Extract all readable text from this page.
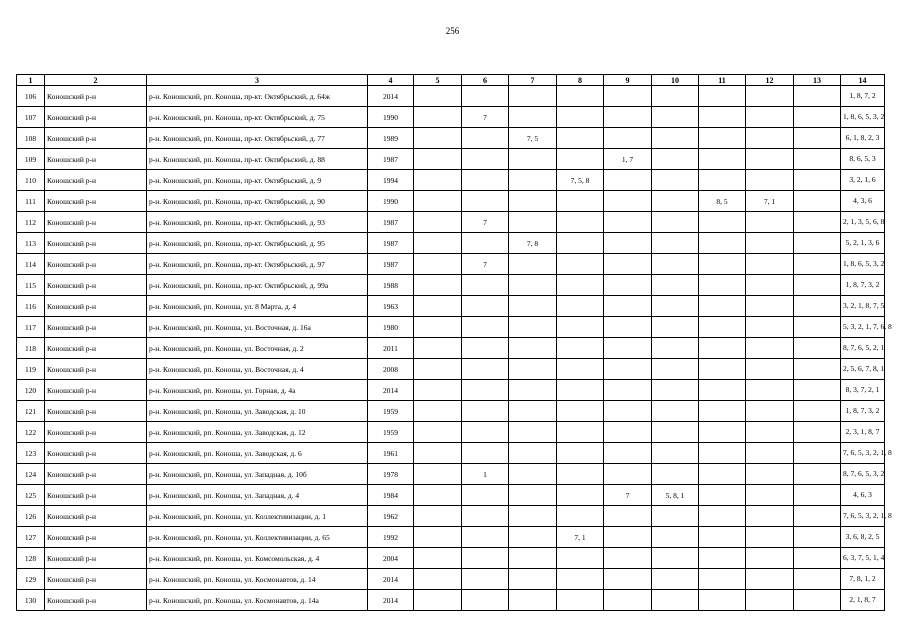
256
1	2	3	4	5	6	7	8	9	10	11	12	13	14
106	Коношский р-н	р-н. Коношский, рп. Коноша, пр-кт. Октябрьский, д. 64ж	2014										1, 8, 7, 2
107	Коношский р-н	р-н. Коношский, рп. Коноша, пр-кт. Октябрьский, д. 75	1990		7								1, 8, 6, 5, 3, 2
108	Коношский р-н	р-н. Коношский, рп. Коноша, пр-кт. Октябрьский, д. 77	1989			7, 5							6, 1, 8, 2, 3
109	Коношский р-н	р-н. Коношский, рп. Коноша, пр-кт. Октябрьский, д. 88	1987					1, 7					8, 6, 5, 3
110	Коношский р-н	р-н. Коношский, рп. Коноша, пр-кт. Октябрьский, д. 9	1994				7, 5, 8						3, 2, 1, 6
111	Коношский р-н	р-н. Коношский, рп. Коноша, пр-кт. Октябрьский, д. 90	1990							8, 5	7, 1		4, 3, 6
112	Коношский р-н	р-н. Коношский, рп. Коноша, пр-кт. Октябрьский, д. 93	1987		7								2, 1, 3, 5, 6, 8
113	Коношский р-н	р-н. Коношский, рп. Коноша, пр-кт. Октябрьский, д. 95	1987			7, 8							5, 2, 1, 3, 6
114	Коношский р-н	р-н. Коношский, рп. Коноша, пр-кт. Октябрьский, д. 97	1987		7								1, 8, 6, 5, 3, 2
115	Коношский р-н	р-н. Коношский, рп. Коноша, пр-кт. Октябрьский, д. 99а	1988										1, 8, 7, 3, 2
116	Коношский р-н	р-н. Коношский, рп. Коноша, ул. 8 Марта, д. 4	1963										3, 2, 1, 8, 7, 5
117	Коношский р-н	р-н. Коношский, рп. Коноша, ул. Восточная, д. 16а	1980										5, 3, 2, 1, 7, 6, 8
118	Коношский р-н	р-н. Коношский, рп. Коноша, ул. Восточная, д. 2	2011										8, 7, 6, 5, 2, 1
119	Коношский р-н	р-н. Коношский, рп. Коноша, ул. Восточная, д. 4	2008										2, 5, 6, 7, 8, 1
120	Коношский р-н	р-н. Коношский, рп. Коноша, ул. Горная, д. 4а	2014										8, 3, 7, 2, 1
121	Коношский р-н	р-н. Коношский, рп. Коноша, ул. Заводская, д. 10	1959										1, 8, 7, 3, 2
122	Коношский р-н	р-н. Коношский, рп. Коноша, ул. Заводская, д. 12	1959										2, 3, 1, 8, 7
123	Коношский р-н	р-н. Коношский, рп. Коноша, ул. Заводская, д. 6	1961										7, 6, 5, 3, 2, 1, 8
124	Коношский р-н	р-н. Коношский, рп. Коноша, ул. Западная, д. 10б	1978		1								8, 7, 6, 5, 3, 2
125	Коношский р-н	р-н. Коношский, рп. Коноша, ул. Западная, д. 4	1984					7	5, 8, 1				4, 6, 3
126	Коношский р-н	р-н. Коношский, рп. Коноша, ул. Коллективизации, д. 1	1962										7, 6, 5, 3, 2, 1, 8
127	Коношский р-н	р-н. Коношский, рп. Коноша, ул. Коллективизации, д. 65	1992				7, 1						3, 6, 8, 2, 5
128	Коношский р-н	р-н. Коношский, рп. Коноша, ул. Комсомольская, д. 4	2004										6, 3, 7, 5, 1, 4
129	Коношский р-н	р-н. Коношский, рп. Коноша, ул. Космонавтов, д. 14	2014										7, 8, 1, 2
130	Коношский р-н	р-н. Коношский, рп. Коноша, ул. Космонавтов, д. 14а	2014										2, 1, 8, 7
